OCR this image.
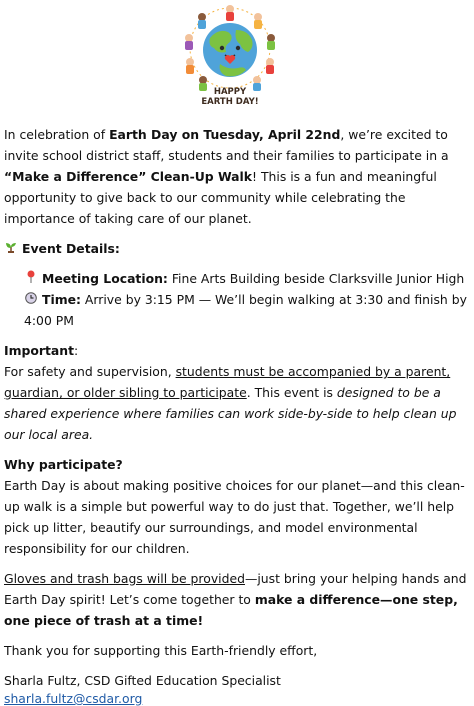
HAPPY
EARTH DAY!

In celebration of Earth Day on Tuesday, April 22nd, we’re excited to invite school district staff, students and their families to participate in a “Make a Difference” Clean-Up Walk! This is a fun and meaningful opportunity to give back to our community while celebrating the importance of taking care of our planet.

Event Details:

Meeting Location: Fine Arts Building beside Clarksville Junior High

Time: Arrive by 3:15 PM — We’ll begin walking at 3:30 and finish by 4:00 PM

Important:

For safety and supervision, students must be accompanied by a parent, guardian, or older sibling to participate. This event is designed to be a shared experience where families can work side-by-side to help clean up our local area.

Why participate?

Earth Day is about making positive choices for our planet—and this clean-up walk is a simple but powerful way to do just that. Together, we’ll help pick up litter, beautify our surroundings, and model environmental responsibility for our children.

Gloves and trash bags will be provided—just bring your helping hands and Earth Day spirit! Let’s come together to make a difference—one step, one piece of trash at a time!

Thank you for supporting this Earth-friendly effort,

Sharla Fultz, CSD Gifted Education Specialist

sharla.fultz@csdar.org
